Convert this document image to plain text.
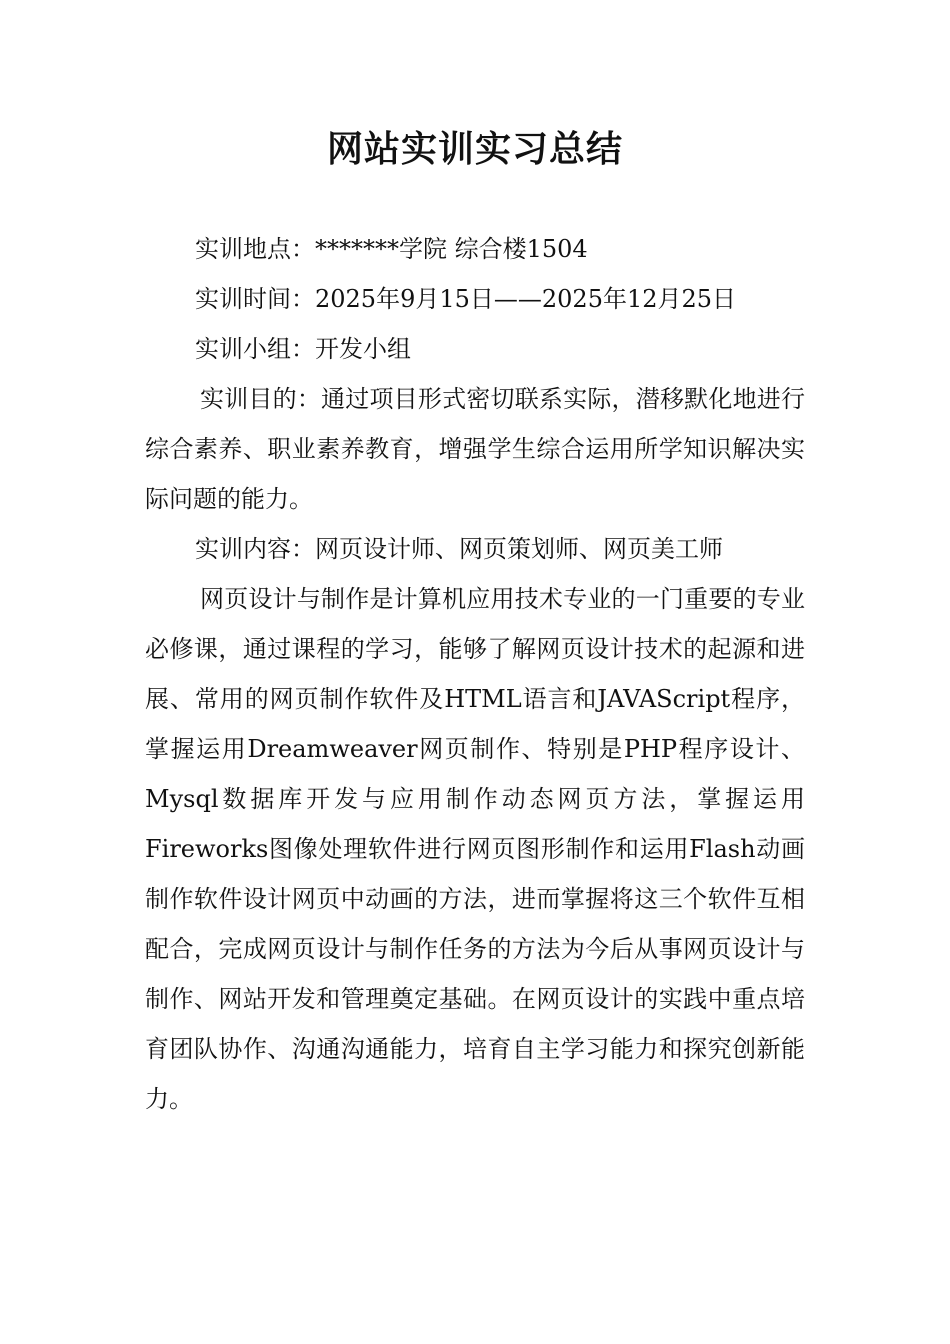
网站实训实习总结

实训地点：*******学院 综合楼1504

实训时间：2025年9月15日——2025年12月25日

实训小组：开发小组

实训目的：通过项目形式密切联系实际，潜移默化地进行综合素养、职业素养教育，增强学生综合运用所学知识解决实际问题的能力。

实训内容：网页设计师、网页策划师、网页美工师

网页设计与制作是计算机应用技术专业的一门重要的专业必修课，通过课程的学习，能够了解网页设计技术的起源和进展、常用的网页制作软件及HTML语言和JAVAScript程序，掌握运用Dreamweaver网页制作、特别是PHP程序设计、Mysql数据库开发与应用制作动态网页方法，掌握运用Fireworks图像处理软件进行网页图形制作和运用Flash动画制作软件设计网页中动画的方法，进而掌握将这三个软件互相配合，完成网页设计与制作任务的方法为今后从事网页设计与制作、网站开发和管理奠定基础。在网页设计的实践中重点培育团队协作、沟通沟通能力，培育自主学习能力和探究创新能力。
